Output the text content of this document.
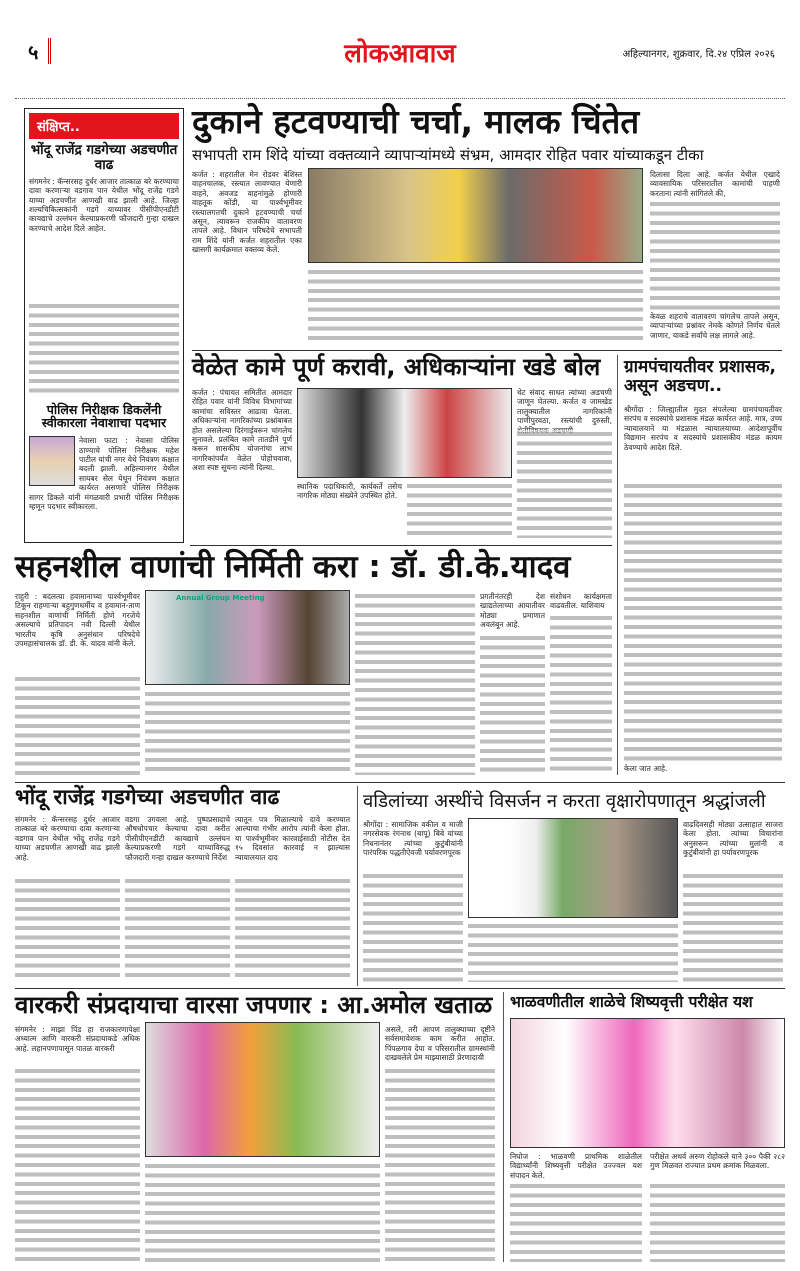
५	लोकआवाज	अहिल्यानगर, शुक्रवार, दि.२४ एप्रिल २०२६
संक्षिप्त..
भोंदू राजेंद्र गडगेच्या अडचणीत वाढ
संगमनेर : कॅन्सरसह दुर्धर आजार तात्काळ बरे करण्याचा दावा करणाऱ्या वडगाव पान येथील भोंदू राजेंद्र गडगे याच्या अडचणीत आणखी वाढ झाली आहे. जिल्हा शल्यचिकित्सकांनी गडगे याच्यावर पीसीपीएनडीटी कायद्याचे उल्लंघन केल्याप्रकरणी फौजदारी गुन्हा दाखल करण्याचे आदेश दिले आहेत.
पोलिस निरीक्षक डिकलेंनी स्वीकारला नेवाशाचा पदभार
नेवासा फाटा : नेवासा पोलिस ठाण्याचे पोलिस निरीक्षक महेश पाटील यांची नगर येथे नियंत्रण कक्षात बदली झाली. अहिल्यानगर येथील सायबर सेल येथून नियंत्रण कक्षात कार्यरत असणारे पोलिस निरीक्षक सागर डिकले यांनी मंगळवारी प्रभारी पोलिस निरीक्षक म्हणून पदभार स्वीकारला.
दुकाने हटवण्याची चर्चा, मालक चिंतेत
सभापती राम शिंदे यांच्या वक्तव्याने व्यापाऱ्यांमध्ये संभ्रम, आमदार रोहित पवार यांच्याकडून टीका
कर्जत : शहरातील मेन रोडवर बेशिस्त वाहनचालक, रस्त्यात लावण्यात येणारी वाहने, अवजड वाहनांमुळे होणारी वाहतूक कोंडी, या पार्श्वभूमीवर रस्त्यालगतची दुकाने हटवण्याची चर्चा असून, त्यावरून राजकीय वातावरण तापले आहे. विधान परिषदेचे सभापती राम शिंदे यांनी कर्जत शहरातील एका खासगी कार्यक्रमात वक्तव्य केले.
दिलासा दिला आहे. कर्जत येथील एखादे व्यावसायिक परिसरातील कामांची पाहणी करताना त्यांनी सांगितले की,
केवळ शहराचे वातावरण चांगलेच तापले असून, व्यापाऱ्यांच्या प्रश्नांवर नेमके कोणते निर्णय घेतले जाणार, याकडे सर्वांचे लक्ष लागले आहे.
वेळेत कामे पूर्ण करावी, अधिकाऱ्यांना खडे बोल
कर्जत : पंचायत समितीत आमदार रोहित पवार यांनी विविध विभागांच्या कामांचा सविस्तर आढावा घेतला. अधिकाऱ्यांना नागरिकांच्या प्रश्नांबाबत होत असलेल्या दिरंगाईवरून चांगलेच सुनावले. प्रलंबित कामे तातडीने पूर्ण करून शासकीय योजनांचा लाभ नागरिकांपर्यंत वेळेत पोहोचवावा, अशा स्पष्ट सूचना त्यांनी दिल्या.
स्थानिक पदाधिकारी, कार्यकर्ते तसेच नागरिक मोठ्या संख्येने उपस्थित होते.
थेट संवाद साधत त्यांच्या अडचणी जाणून घेतल्या. कर्जत व जामखेड तालुक्यातील नागरिकांनी पाणीपुरवठा, रस्त्यांची दुरुस्ती,
ग्रामपंचायतीवर प्रशासक, असून अडचण..
श्रीगोंदा : जिल्ह्यातील मुदत संपलेल्या ग्रामपंचायतीवर सरपंच व सदस्यांचे प्रशासक मंडळ कार्यरत आहे. मात्र, उच्च न्यायालयाने या मंडळास न्यायालयाच्या आदेशापूर्वीच विद्यमान सरपंच व सदस्यांचे प्रशासकीय मंडळ कायम ठेवण्याचे आदेश दिले.
केला जात आहे.
सहनशील वाणांची निर्मिती करा : डॉ. डी.के.यादव
राहुरी : बदलत्या हवामानाच्या पार्श्वभूमीवर टिकून राहणाऱ्या बहुगुणधर्मीय व हवामान-ताण सहनशील वाणांची निर्मिती होणे गरजेचे असल्याचे प्रतिपादन नवी दिल्ली येथील भारतीय कृषि अनुसंधान परिषदेचे उपमहासंचालक डॉ. डी. के. यादव यांनी केले.
Annual Group Meeting	प्रगतीनंतरही देश खाद्यतेलाच्या आयातीवर मोठ्या प्रमाणात अवलंबून आहे.
संशोधन कार्यक्षमता वाढवतील. याशिवाय
भोंदू राजेंद्र गडगेच्या अडचणीत वाढ
संगमनेर : कॅन्सरसह दुर्धर आजार तात्काळ बरे करण्याचा दावा करणाऱ्या वडगाव पान येथील भोंदू राजेंद्र गडगे याच्या अडचणीत आणखी वाढ झाली आहे.
वडगा उगवला आहे. पुष्पप्रसादाचे औषधोपचार केल्याचा दावा करीत पीसीपीएनडीटी कायद्याचे उल्लंघन केल्याप्रकरणी गडगे याच्याविरुद्ध फौजदारी गन्हा दाखल करण्याचे निर्देश
त्यातून पत्र मिळाल्याचे दावे करण्यात आल्याचा गंभीर आरोप त्यांनी केला होता. या पार्श्वभूमीवर कारवाईसाठी नोटीस देत १५ दिवसांत कारवाई न झाल्यास न्यायालयात दाद
वडिलांच्या अस्थींचे विसर्जन न करता वृक्षारोपणातून श्रद्धांजली
श्रीगोंदा : सामाजिक वकील व माजी नगरसेवक रंगनाथ (बापू) बिबे यांच्या निधनानंतर त्यांच्या कुटुंबीयांनी पारंपरिक पद्धतीऐवजी पर्यावरणपूरक
वाढदिवसही मोठ्या उत्साहात साजरा केला होता. त्यांच्या विचारांना अनुसरून त्यांच्या मुलांनी व कुटुंबीयांनी हा पर्यावरणपूरक
वारकरी संप्रदायाचा वारसा जपणार : आ.अमोल खताळ
संगमनेर : माझा पिंड हा राजकारणापेक्षा अध्यात्म आणि वारकरी संप्रदायाकडे अधिक आहे. लहानपणापासून पातळ वारकरी
असले, तरी आपण तालुक्याच्या दृष्टीने सर्वसमावेशक काम करीत आहोत. पिंपळगाव देपा व परिसरातील ग्रामस्थांनी दाखवलेले प्रेम माझ्यासाठी प्रेरणादायी
भाळवणीतील शाळेचे शिष्यवृत्ती परीक्षेत यश
निघोज : भाळवणी प्राथमिक शाळेतील विद्यार्थ्यांनी शिष्यवृत्ती परीक्षेत उज्ज्वल यश संपादन केले.
परीक्षेत अथर्व अरुण रोहोकले याने ३०० पैकी २८२ गुण मिळवत राज्यात प्रथम क्रमांक मिळवला.
